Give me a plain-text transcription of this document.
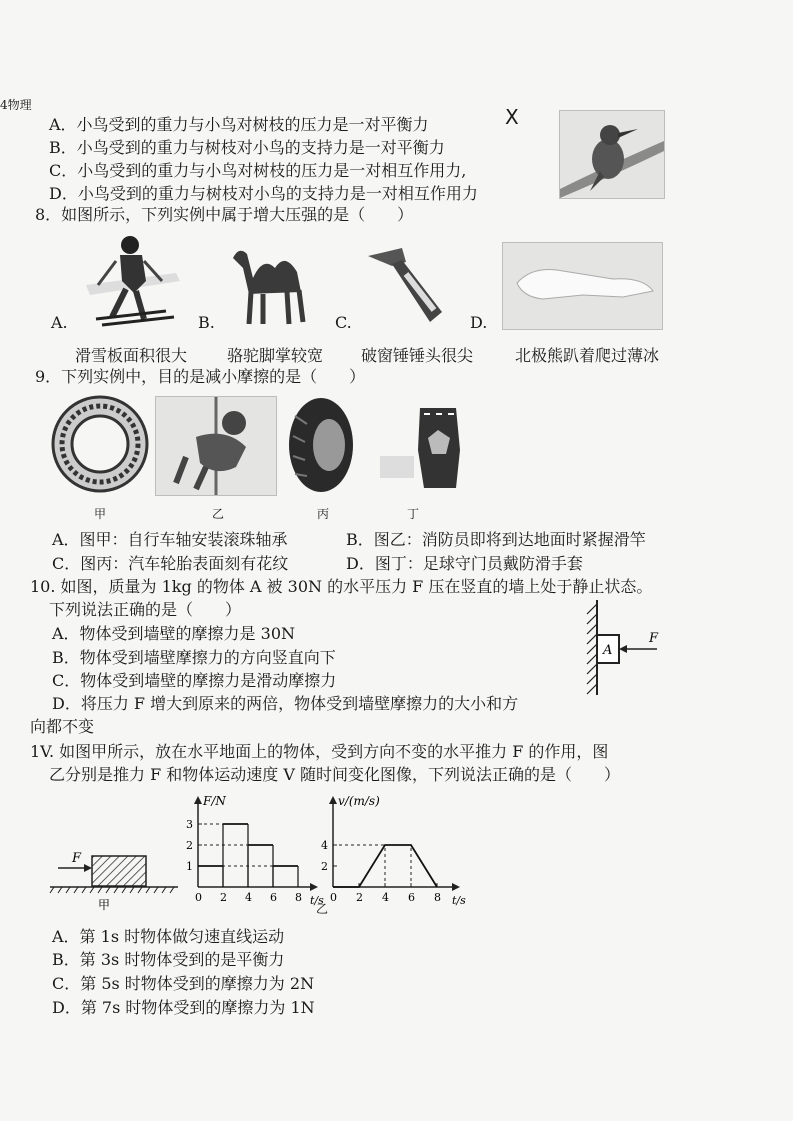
4物理	X
A．小鸟受到的重力与小鸟对树枝的压力是一对平衡力
B．小鸟受到的重力与树枝对小鸟的支持力是一对平衡力
C．小鸟受到的重力与小鸟对树枝的压力是一对相互作用力,
D．小鸟受到的重力与树枝对小鸟的支持力是一对相互作用力
8．如图所示，下列实例中属于增大压强的是（　　）
A.	B.	C.	D.
滑雪板面积很大 骆驼脚掌较宽 破窗锤锤头很尖	北极熊趴着爬过薄冰
9．下列实例中，目的是减小摩擦的是（　　）
甲	乙	丙	丁
A．图甲：自行车轴安装滚珠轴承	B．图乙：消防员即将到达地面时紧握滑竿
C．图丙：汽车轮胎表面刻有花纹	D．图丁：足球守门员戴防滑手套
10. 如图，质量为 1kg 的物体 A 被 30N 的水平压力 F 压在竖直的墙上处于静止状态。
下列说法正确的是（　　）
A．物体受到墙壁的摩擦力是 30N
B．物体受到墙壁摩擦力的方向竖直向下
C．物体受到墙壁的摩擦力是滑动摩擦力
D．将压力 F 增大到原来的两倍，物体受到墙壁摩擦力的大小和方
向都不变
A
F
1V. 如图甲所示，放在水平地面上的物体，受到方向不变的水平推力 F 的作用，图
乙分别是推力 F 和物体运动速度 V 随时间变化图像，下列说法正确的是（　　）
F
甲
F/N
t/s
0 2 4 6 8
1
2
3
v/(m/s)
t/s
0 2 4 6 8
2
4
乙
A．第 1s 时物体做匀速直线运动
B．第 3s 时物体受到的是平衡力
C．第 5s 时物体受到的摩擦力为 2N
D．第 7s 时物体受到的摩擦力为 1N
